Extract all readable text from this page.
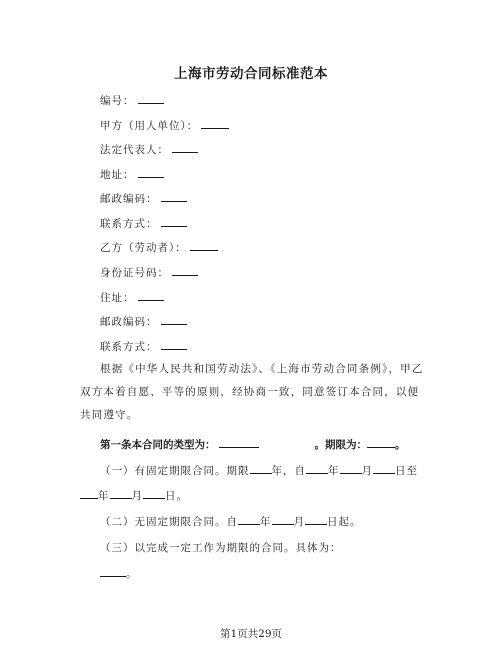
上海市劳动合同标准范本
编号：
甲方（用人单位）：
法定代表人：
地址：
邮政编码：
联系方式：
乙方（劳动者）：
身份证号码：
住址：
邮政编码：
联系方式：
根据《中华人民共和国劳动法》、《上海市劳动合同条例》，甲乙双方本着自愿、平等的原则，经协商一致，同意签订本合同，以便共同遵守。
第一条本合同的类型为：	。期限为：	。
（一）有固定期限合同。期限 年，自 年 月 日至
年 月 日。
（二）无固定期限合同。自 年 月 日起。
（三）以完成一定工作为期限的合同。具体为：
。
第1页共29页
